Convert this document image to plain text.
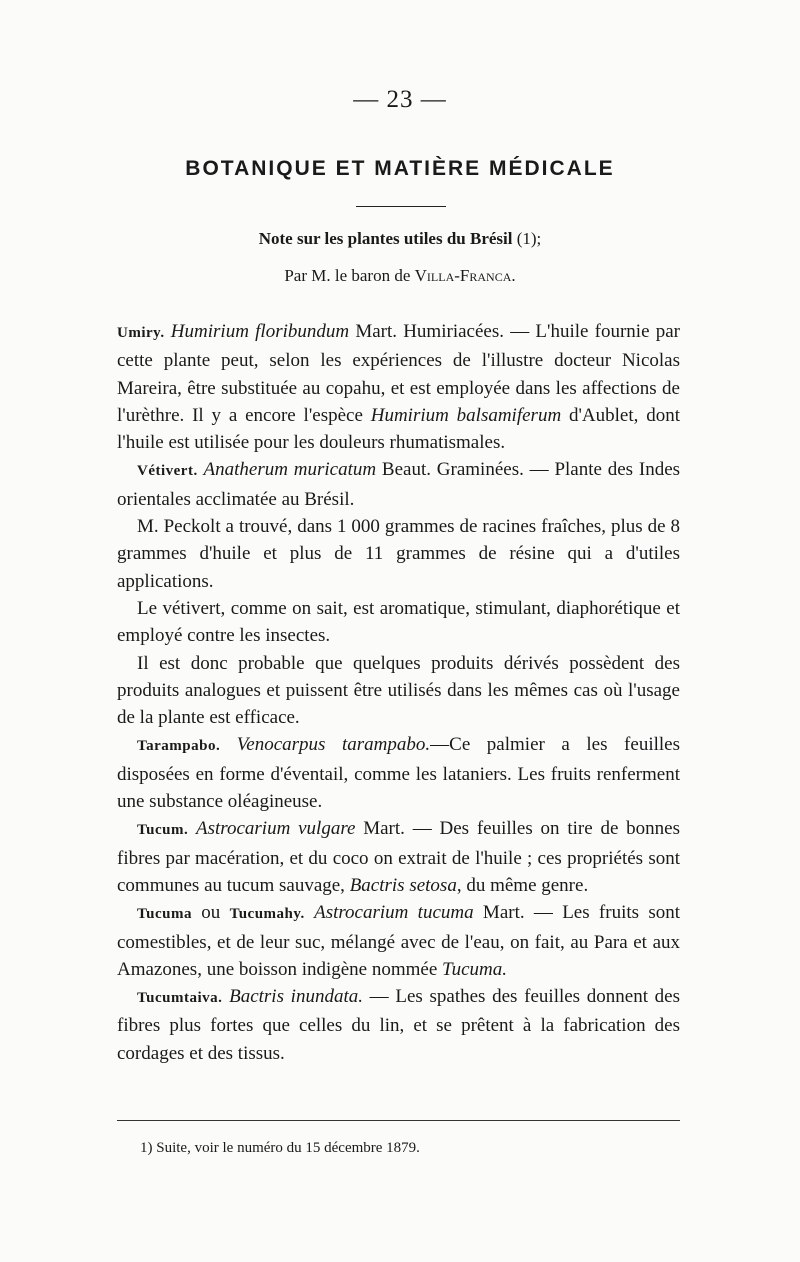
— 23 —
BOTANIQUE ET MATIÈRE MÉDICALE
Note sur les plantes utiles du Brésil (1);
Par M. le baron de Villa-Franca.

Umiry. Humirium floribundum Mart. Humiriacées. — L'huile fournie par cette plante peut, selon les expériences de l'illustre docteur Nicolas Mareira, être substituée au copahu, et est employée dans les affections de l'urèthre. Il y a encore l'espèce Humirium balsamiferum d'Aublet, dont l'huile est utilisée pour les douleurs rhumatismales.

Vétivert. Anatherum muricatum Beaut. Graminées. — Plante des Indes orientales acclimatée au Brésil.

M. Peckolt a trouvé, dans 1 000 grammes de racines fraîches, plus de 8 grammes d'huile et plus de 11 grammes de résine qui a d'utiles applications.

Le vétivert, comme on sait, est aromatique, stimulant, diaphorétique et employé contre les insectes.

Il est donc probable que quelques produits dérivés possèdent des produits analogues et puissent être utilisés dans les mêmes cas où l'usage de la plante est efficace.

Tarampabo. Venocarpus tarampabo.—Ce palmier a les feuilles disposées en forme d'éventail, comme les lataniers. Les fruits renferment une substance oléagineuse.

Tucum. Astrocarium vulgare Mart. — Des feuilles on tire de bonnes fibres par macération, et du coco on extrait de l'huile ; ces propriétés sont communes au tucum sauvage, Bactris setosa, du même genre.

Tucuma ou Tucumahy. Astrocarium tucuma Mart. — Les fruits sont comestibles, et de leur suc, mélangé avec de l'eau, on fait, au Para et aux Amazones, une boisson indigène nommée Tucuma.

Tucumtaiva. Bactris inundata. — Les spathes des feuilles donnent des fibres plus fortes que celles du lin, et se prêtent à la fabrication des cordages et des tissus.

1) Suite, voir le numéro du 15 décembre 1879.
